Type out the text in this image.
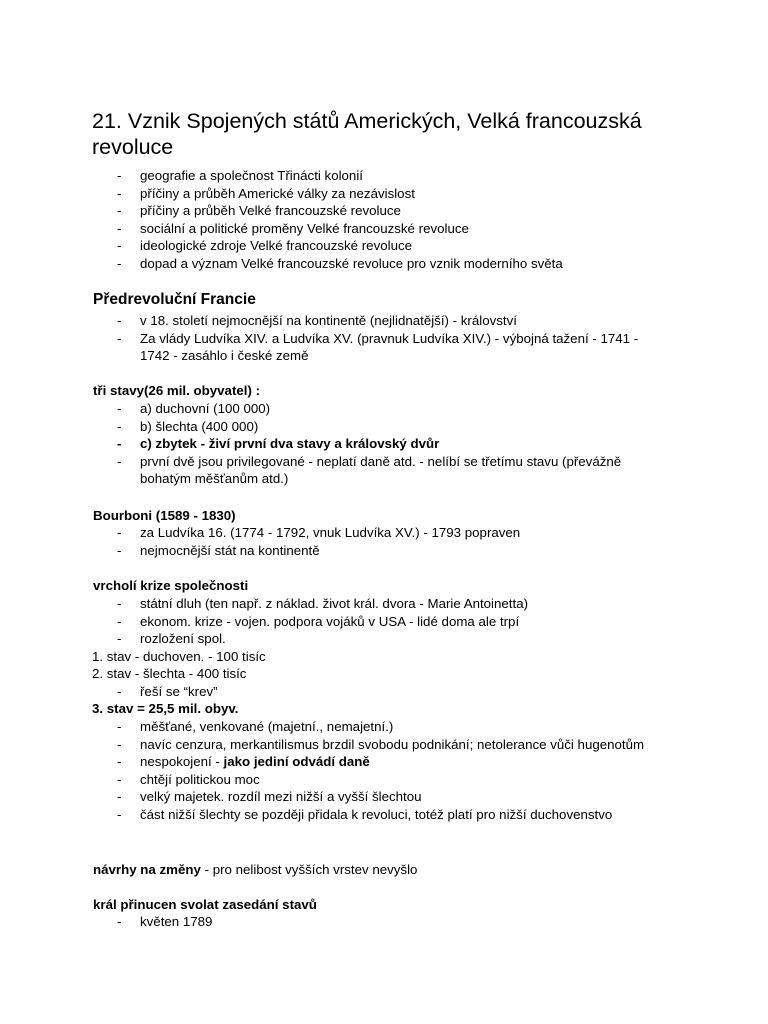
21. Vznik Spojených států Amerických, Velká francouzská revoluce
- geografie a společnost Třinácti kolonií
- příčiny a průběh Americké války za nezávislost
- příčiny a průběh Velké francouzské revoluce
- sociální a politické proměny Velké francouzské revoluce
- ideologické zdroje Velké francouzské revoluce
- dopad a význam Velké francouzské revoluce pro vznik moderního světa
Předrevoluční Francie
- v 18. století nejmocnější na kontinentě (nejlidnatější) - království
- Za vlády Ludvíka XIV. a Ludvíka XV. (pravnuk Ludvíka XIV.) - výbojná tažení - 1741 - 1742 - zasáhlo i české země

tři stavy(26 mil. obyvatel) :

- a) duchovní (100 000)
- b) šlechta (400 000)
- c) zbytek - živí první dva stavy a královský dvůr
- první dvě jsou privilegované - neplatí daně atd. - nelíbí se třetímu stavu (převážně bohatým měšťanům atd.)

Bourboni (1589 - 1830)

- za Ludvíka 16. (1774 - 1792, vnuk Ludvíka XV.) - 1793 popraven
- nejmocnější stát na kontinentě

vrcholí krize společnosti

- státní dluh (ten např. z náklad. život král. dvora - Marie Antoinetta)
- ekonom. krize - vojen. podpora vojáků v USA - lidé doma ale trpí
- rozložení spol.

1. stav - duchoven. - 100 tisíc

2. stav - šlechta - 400 tisíc

- řeší se “krev”

3. stav = 25,5 mil. obyv.

- měšťané, venkované (majetní., nemajetní.)
- navíc cenzura, merkantilismus brzdil svobodu podnikání; netolerance vůči hugenotům
- nespokojení - jako jediní odvádí daně
- chtějí politickou moc
- velký majetek. rozdíl mezi nižší a vyšší šlechtou
- část nižší šlechty se později přidala k revoluci, totéž platí pro nižší duchovenstvo

návrhy na změny - pro nelibost vyšších vrstev nevyšlo

král přinucen svolat zasedání stavů

- květen 1789
